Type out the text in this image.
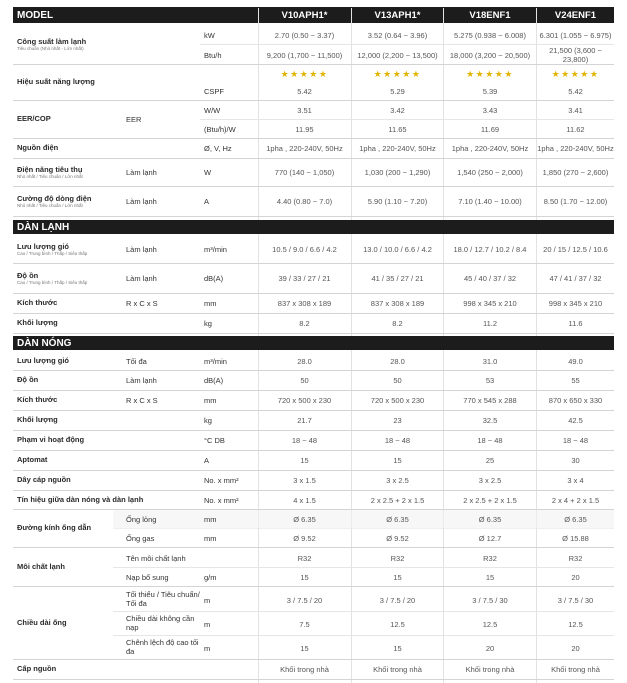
MODEL	V10APH1*	V13APH1*	V18ENF1	V24ENF1
Công suất làm lạnh
Tiêu chuẩn (Nhỏ nhất - Lớn nhất)
kW	2.70 (0.50 ~ 3.37)	3.52 (0.64 ~ 3.96)	5.275 (0.938 ~ 6.008)	6.301 (1.055 ~ 6.975)
Btu/h	9,200 (1,700 ~ 11,500)	12,000 (2,200 ~ 13,500)	18,000 (3,200 ~ 20,500)	21,500 (3,600 ~ 23,800)
Hiệu suất năng lượng
★★★★★	★★★★★	★★★★★	★★★★★
CSPF	5.42	5.29	5.39	5.42
EER/COP	EER
W/W	3.51	3.42	3.43	3.41
(Btu/h)/W	11.95	11.65	11.69	11.62
Nguồn điện	Ø, V, Hz	1pha , 220-240V, 50Hz	1pha , 220-240V, 50Hz	1pha , 220-240V, 50Hz	1pha , 220-240V, 50Hz
Điện năng tiêu thụ
Nhỏ nhất / Tiêu chuẩn / Lớn nhất	Làm lạnh	W	770 (140 ~ 1,050)	1,030 (200 ~ 1,290)	1,540 (250 ~ 2,000)	1,850 (270 ~ 2,600)
Cường độ dòng điện
Nhỏ nhất / Tiêu chuẩn / Lớn nhất	Làm lạnh	A	4.40 (0.80 ~ 7.0)	5.90 (1.10 ~ 7.20)	7.10 (1.40 ~ 10.00)	8.50 (1.70 ~ 12.00)
DÀN LẠNH
Lưu lượng gió
Cao / Trung bình / Thấp / Siêu thấp	Làm lạnh	m³/min	10.5 / 9.0 / 6.6 / 4.2	13.0 / 10.0 / 6.6 / 4.2	18.0 / 12.7 / 10.2 / 8.4	20 / 15 / 12.5 / 10.6
Độ ồn
Cao / Trung bình / Thấp / Siêu thấp	Làm lạnh	dB(A)	39 / 33 / 27 / 21	41 / 35 / 27 / 21	45 / 40 / 37 / 32	47 / 41 / 37 / 32
Kích thước	R x C x S	mm	837 x 308 x 189	837 x 308 x 189	998 x 345 x 210	998 x 345 x 210
Khối lượng	kg	8.2	8.2	11.2	11.6
DÀN NÓNG
Lưu lượng gió	Tối đa	m³/min	28.0	28.0	31.0	49.0
Độ ồn	Làm lạnh	dB(A)	50	50	53	55
Kích thước	R x C x S	mm	720 x 500 x 230	720 x 500 x 230	770 x 545 x 288	870 x 650 x 330
Khối lượng	kg	21.7	23	32.5	42.5
Phạm vi hoạt động	°C DB	18 ~ 48	18 ~ 48	18 ~ 48	18 ~ 48
Aptomat	A	15	15	25	30
Dây cáp nguồn	No. x mm²	3 x 1.5	3 x 2.5	3 x 2.5	3 x 4
Tín hiệu giữa dàn nóng và dàn lạnh	No. x mm²	4 x 1.5	2 x 2.5 + 2 x 1.5	2 x 2.5 + 2 x 1.5	2 x 4 + 2 x 1.5
Đường kính ống dẫn
Ống lỏng	mm	Ø 6.35	Ø 6.35	Ø 6.35	Ø 6.35
Ống gas	mm	Ø 9.52	Ø 9.52	Ø 12.7	Ø 15.88
Môi chất lạnh
Tên môi chất lạnh	R32	R32	R32	R32
Nạp bổ sung	g/m	15	15	15	20
Chiều dài ống
Tối thiểu / Tiêu chuẩn/ Tối đa	m	3 / 7.5 / 20	3 / 7.5 / 20	3 / 7.5 / 30	3 / 7.5 / 30
Chiều dài không cần nạp	m	7.5	12.5	12.5	12.5
Chênh lệch độ cao tối đa	m	15	15	20	20
Cấp nguồn	Khối trong nhà	Khối trong nhà	Khối trong nhà	Khối trong nhà
